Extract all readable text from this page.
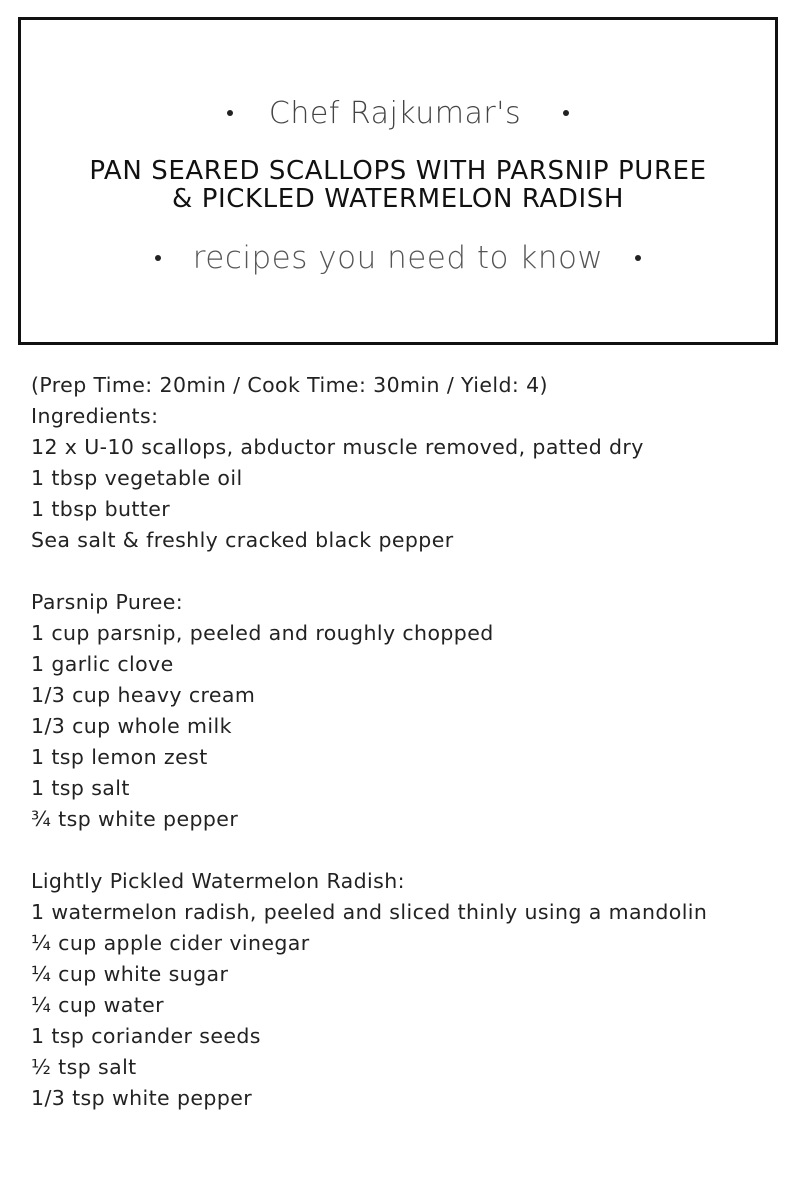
Chef Rajkumar's
PAN SEARED SCALLOPS WITH PARSNIP PUREE
& PICKLED WATERMELON RADISH
recipes you need to know
(Prep Time: 20min / Cook Time: 30min / Yield: 4)
Ingredients:
12 x U-10 scallops, abductor muscle removed, patted dry
1 tbsp vegetable oil
1 tbsp butter
Sea salt & freshly cracked black pepper
Parsnip Puree:
1 cup parsnip, peeled and roughly chopped
1 garlic clove
1/3 cup heavy cream
1/3 cup whole milk
1 tsp lemon zest
1 tsp salt
¾ tsp white pepper
Lightly Pickled Watermelon Radish:
1 watermelon radish, peeled and sliced thinly using a mandolin
¼ cup apple cider vinegar
¼ cup white sugar
¼ cup water
1 tsp coriander seeds
½ tsp salt
1/3 tsp white pepper
